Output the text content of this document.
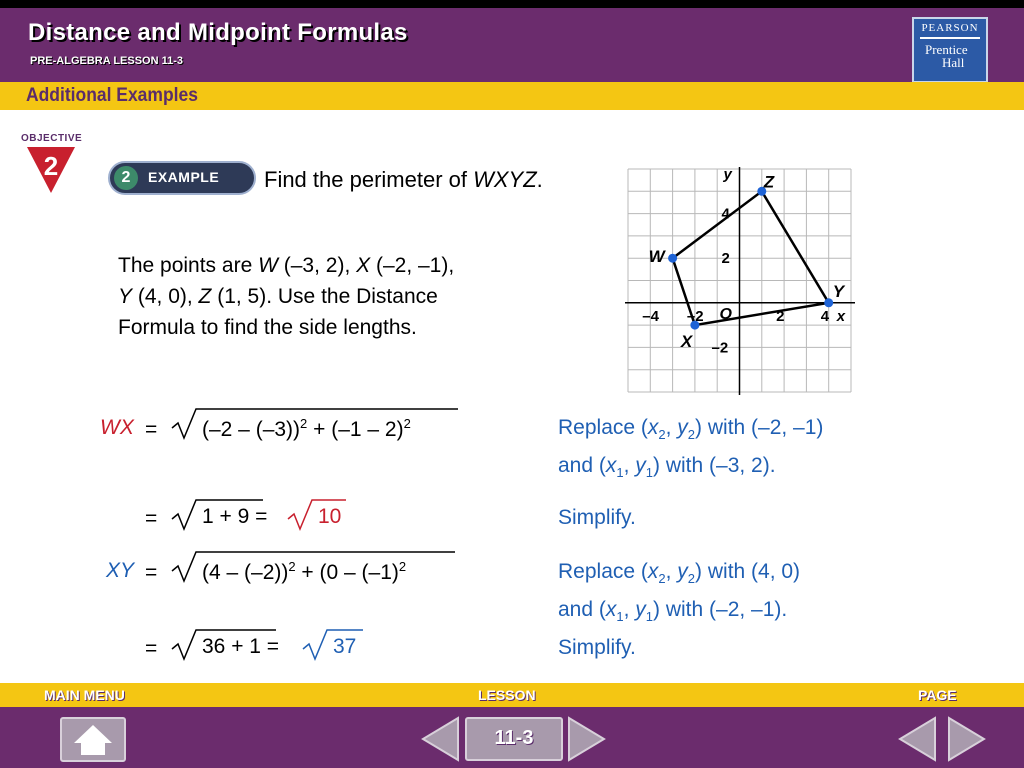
Distance and Midpoint Formulas
PRE-ALGEBRA LESSON 11-3
PEARSON
Prentice
Hall
Additional Examples
OBJECTIVE
2	2	EXAMPLE Find the perimeter of WXYZ.
The points are W (–3, 2), X (–2, –1),
Y (4, 0), Z (1, 5). Use the Distance
Formula to find the side lengths.
W
X
Y
Z
y
x
O
–4 –2	2 4
4
2
–2
WX = (–2 – (–3))$^2$ + (–1 – 2)$^2$	Replace ($x_2$, $y_2$) with (–2, –1)
and ($x_1$, $y_1$) with (–3, 2).
= 1 + 9 = 10	Simplify.
XY = $(4 - (-2))^2 + (0 - (-1)^2$	Replace ($x_2$, $y_2$) with (4, 0)
and ($x_1$, $y_1$) with (–2, –1).
= 36 + 1 =	37	Simplify.
MAIN MENU	LESSON	PAGE
11-3
